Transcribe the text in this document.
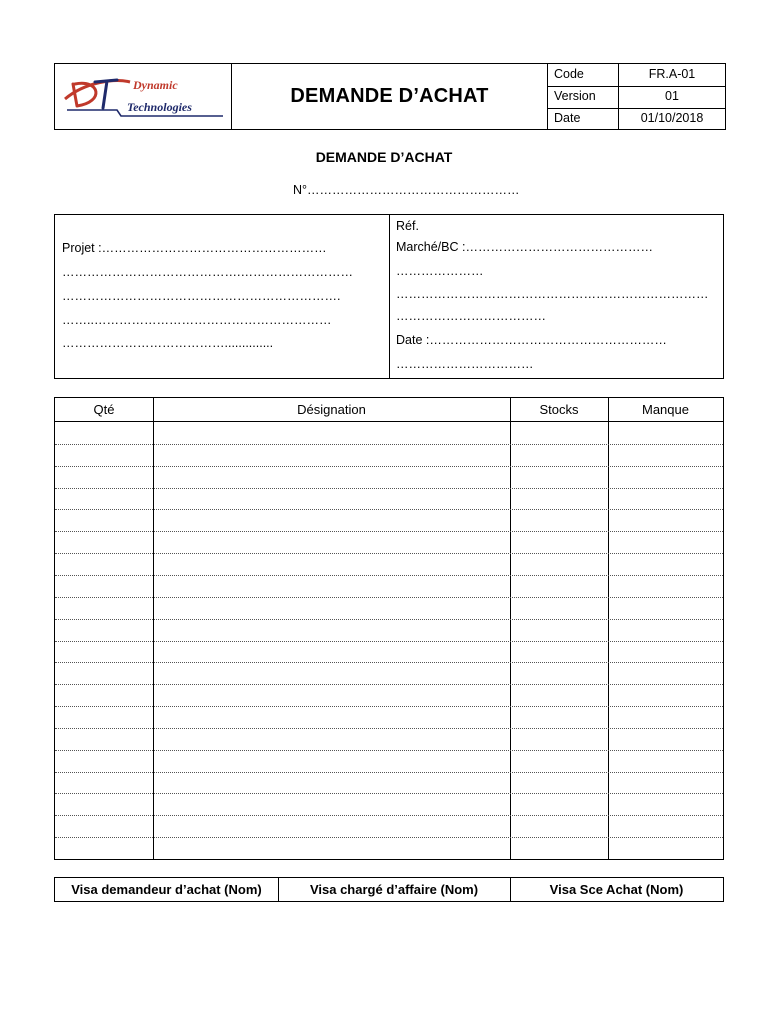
Dynamic
Technologies	DEMANDE D’ACHAT
Code	FR.A-01
Version	01
Date	01/10/2018
DEMANDE D’ACHAT
N°……………………………………………
Projet :………………………………………………
…………………………………….………………………
………………………………………………………….
……..…………………………………………………
…………………………………..............
Réf.
Marché/BC :………………………………………
…………………
…………………………………………………………………
………………………………
Date :…………………………………………………
……………………………
Qté	Désignation	Stocks	Manque
Visa demandeur d’achat (Nom)	Visa chargé d’affaire (Nom)	Visa Sce Achat (Nom)
